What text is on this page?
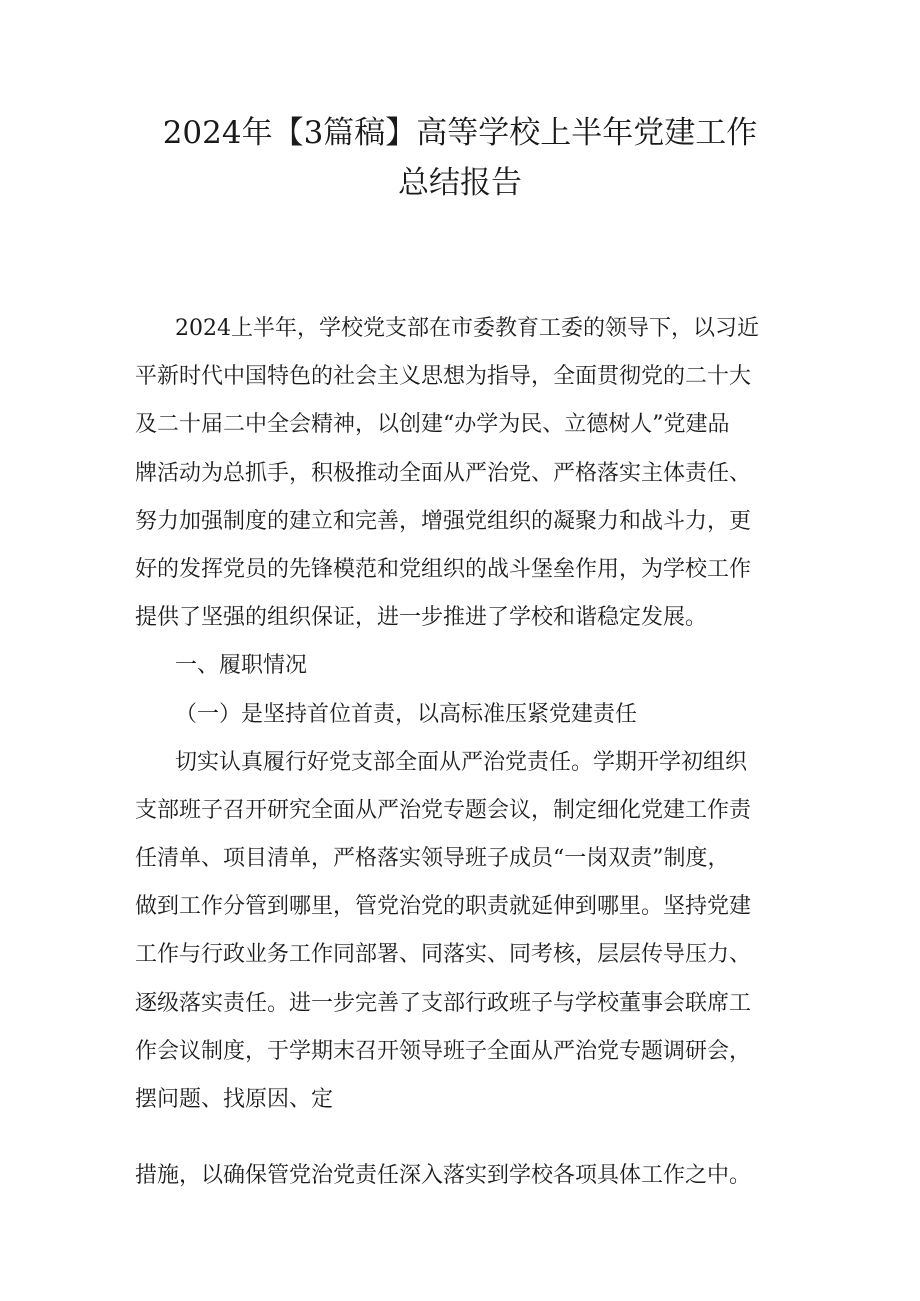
2024年【3篇稿】高等学校上半年党建工作
总结报告
2024上半年，学校党支部在市委教育工委的领导下，以习近
平新时代中国特色的社会主义思想为指导，全面贯彻党的二十大
及二十届二中全会精神，以创建“办学为民、立德树人”党建品
牌活动为总抓手，积极推动全面从严治党、严格落实主体责任、
努力加强制度的建立和完善，增强党组织的凝聚力和战斗力，更
好的发挥党员的先锋模范和党组织的战斗堡垒作用，为学校工作
提供了坚强的组织保证，进一步推进了学校和谐稳定发展。
一、履职情况
（一）是坚持首位首责，以高标准压紧党建责任
切实认真履行好党支部全面从严治党责任。学期开学初组织
支部班子召开研究全面从严治党专题会议，制定细化党建工作责
任清单、项目清单，严格落实领导班子成员“一岗双责”制度，
做到工作分管到哪里，管党治党的职责就延伸到哪里。坚持党建
工作与行政业务工作同部署、同落实、同考核，层层传导压力、
逐级落实责任。进一步完善了支部行政班子与学校董事会联席工
作会议制度，于学期末召开领导班子全面从严治党专题调研会，
摆问题、找原因、定
措施，以确保管党治党责任深入落实到学校各项具体工作之中。
